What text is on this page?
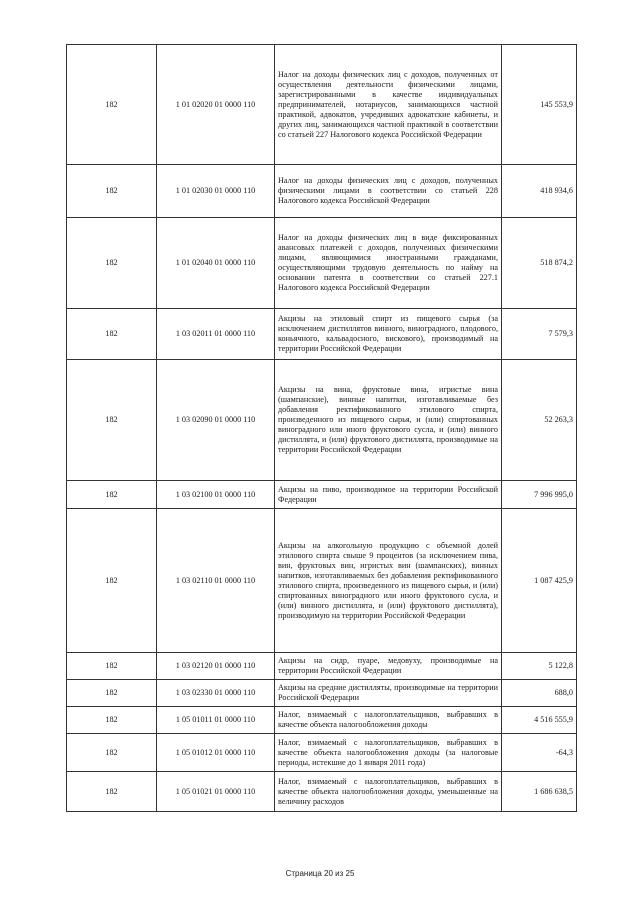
182	1 01 02020 01 0000 110	Налог на доходы физических лиц с доходов, полученных от осуществления деятельности физическими лицами, зарегистрированными в качестве индивидуальных предпринимателей, нотариусов, занимающихся частной практикой, адвокатов, учредивших адвокатские кабинеты, и других лиц, занимающихся частной практикой в соответствии со статьей 227 Налогового кодекса Российской Федерации	145 553,9
182	1 01 02030 01 0000 110	Налог на доходы физических лиц с доходов, полученных физическими лицами в соответствии со статьей 228 Налогового кодекса Российской Федерации	418 934,6
182	1 01 02040 01 0000 110	Налог на доходы физических лиц в виде фиксированных авансовых платежей с доходов, полученных физическими лицами, являющимися иностранными гражданами, осуществляющими трудовую деятельность по найму на основании патента в соответствии со статьей 227.1 Налогового кодекса Российской Федерации	518 874,2
182	1 03 02011 01 0000 110	Акцизы на этиловый спирт из пищевого сырья (за исключением дистиллятов винного, виноградного, плодового, коньячного, кальвадосного, вискового), производимый на территории Российской Федерации	7 579,3
182	1 03 02090 01 0000 110	Акцизы на вина, фруктовые вина, игристые вина (шампанские), винные напитки, изготавливаемые без добавления ректификованного этилового спирта, произведенного из пищевого сырья, и (или) спиртованных виноградного или иного фруктового сусла, и (или) винного дистиллята, и (или) фруктового дистиллята, производимые на территории Российской Федерации	52 263,3
182	1 03 02100 01 0000 110	Акцизы на пиво, производимое на территории Российской Федерации	7 996 995,0
182	1 03 02110 01 0000 110	Акцизы на алкогольную продукцию с объемной долей этилового спирта свыше 9 процентов (за исключением пива, вин, фруктовых вин, игристых вин (шампанских), винных напитков, изготавливаемых без добавления ректификованного этилового спирта, произведенного из пищевого сырья, и (или) спиртованных виноградного или иного фруктового сусла, и (или) винного дистиллята, и (или) фруктового дистиллята), производимую на территории Российской Федерации	1 087 425,9
182	1 03 02120 01 0000 110	Акцизы на сидр, пуаре, медовуху, производимые на территории Российской Федерации	5 122,8
182	1 03 02330 01 0000 110	Акцизы на средние дистилляты, производимые на территории Российской Федерации	688,0
182	1 05 01011 01 0000 110	Налог, взимаемый с налогоплательщиков, выбравших в качестве объекта налогообложения доходы	4 516 555,9
182	1 05 01012 01 0000 110	Налог, взимаемый с налогоплательщиков, выбравших в качестве объекта налогообложения доходы (за налоговые периоды, истекшие до 1 января 2011 года)	-64,3
182	1 05 01021 01 0000 110	Налог, взимаемый с налогоплательщиков, выбравших в качестве объекта налогообложения доходы, уменьшенные на величину расходов	1 686 638,5
Страница 20 из 25
